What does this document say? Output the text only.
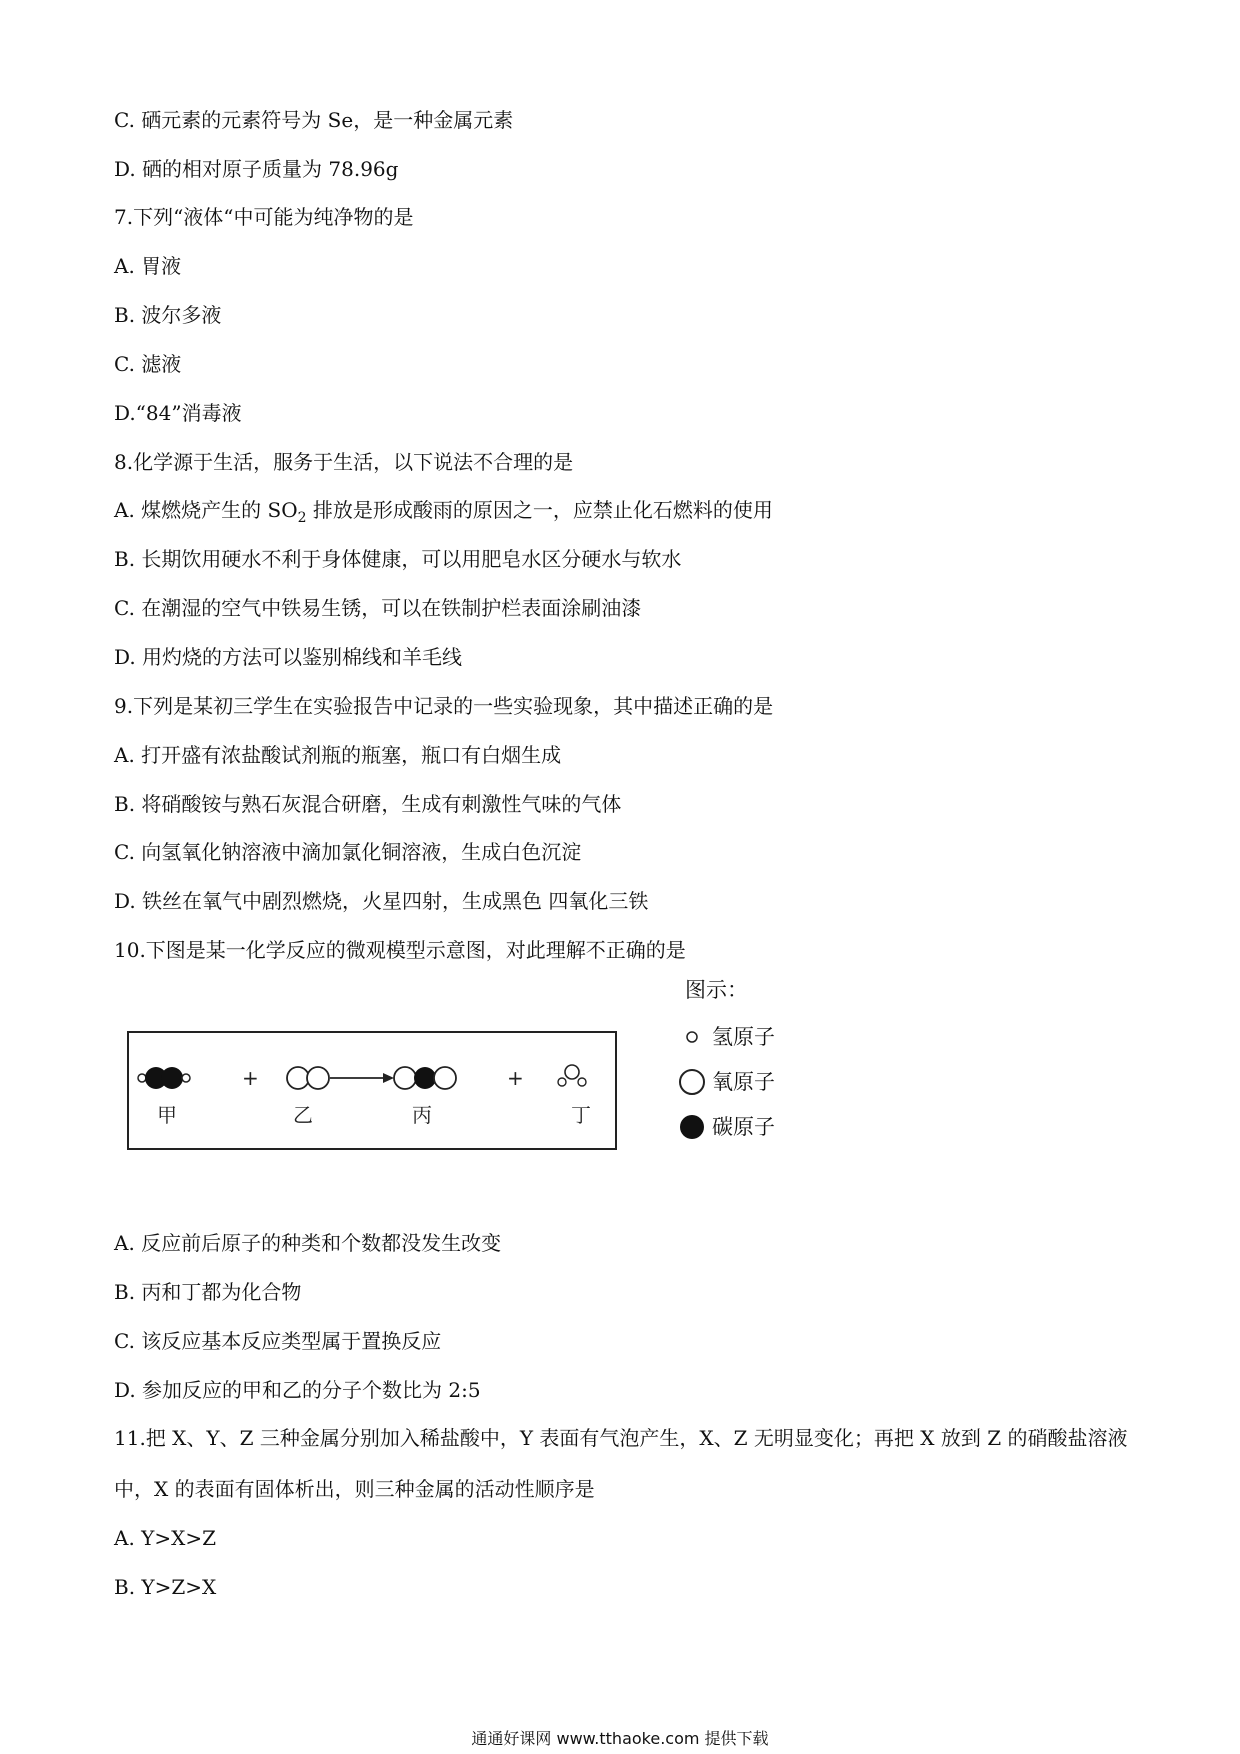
C. 硒元素的元素符号为 Se，是一种金属元素
D. 硒的相对原子质量为 78.96g
7.下列“液体“中可能为纯净物的是
A. 胃液
B. 波尔多液
C. 滤液
D.“84”消毒液
8.化学源于生活，服务于生活，以下说法不合理的是
A. 煤燃烧产生的 $SO_2$ 排放是形成酸雨的原因之一，应禁止化石燃料的使用
B. 长期饮用硬水不利于身体健康，可以用肥皂水区分硬水与软水
C. 在潮湿的空气中铁易生锈，可以在铁制护栏表面涂刷油漆
D. 用灼烧的方法可以鉴别棉线和羊毛线
9.下列是某初三学生在实验报告中记录的一些实验现象，其中描述正确的是
A. 打开盛有浓盐酸试剂瓶的瓶塞，瓶口有白烟生成
B. 将硝酸铵与熟石灰混合研磨，生成有刺激性气味的气体
C. 向氢氧化钠溶液中滴加氯化铜溶液，生成白色沉淀
D. 铁丝在氧气中剧烈燃烧，火星四射，生成黑色 四氧化三铁
10.下图是某一化学反应的微观模型示意图，对此理解不正确的是
+	+
甲	乙	丙	丁
图示：
氢原子
氧原子
碳原子
A. 反应前后原子的种类和个数都没发生改变
B. 丙和丁都为化合物
C. 该反应基本反应类型属于置换反应
D. 参加反应的甲和乙的分子个数比为 2:5
11.把 X、Y、Z 三种金属分别加入稀盐酸中，Y 表面有气泡产生，X、Z 无明显变化；再把 X 放到 Z 的硝酸盐溶液中，X 的表面有固体析出，则三种金属的活动性顺序是
A. Y>X>Z
B. Y>Z>X
通通好课网 www.tthaoke.com 提供下载
